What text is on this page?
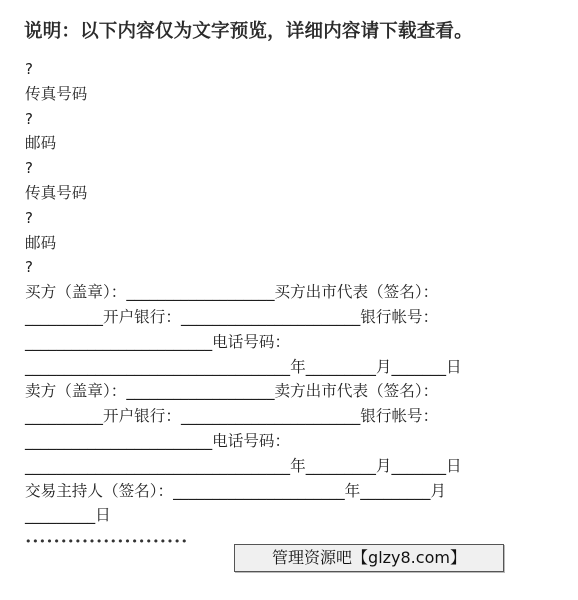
说明：以下内容仅为文字预览，详细内容请下载查看。
?
传真号码
?
邮码
?
传真号码
?
邮码
?
买方（盖章）：___________________买方出市代表（签名）：
__________开户银行：_______________________银行帐号：
________________________电话号码：
__________________________________年_________月_______日
卖方（盖章）：___________________卖方出市代表（签名）：
__________开户银行：_______________________银行帐号：
________________________电话号码：
__________________________________年_________月_______日
交易主持人（签名）：______________________年_________月
_________日
•••••••••••••••••••••••
管理资源吧【glzy8.com】
